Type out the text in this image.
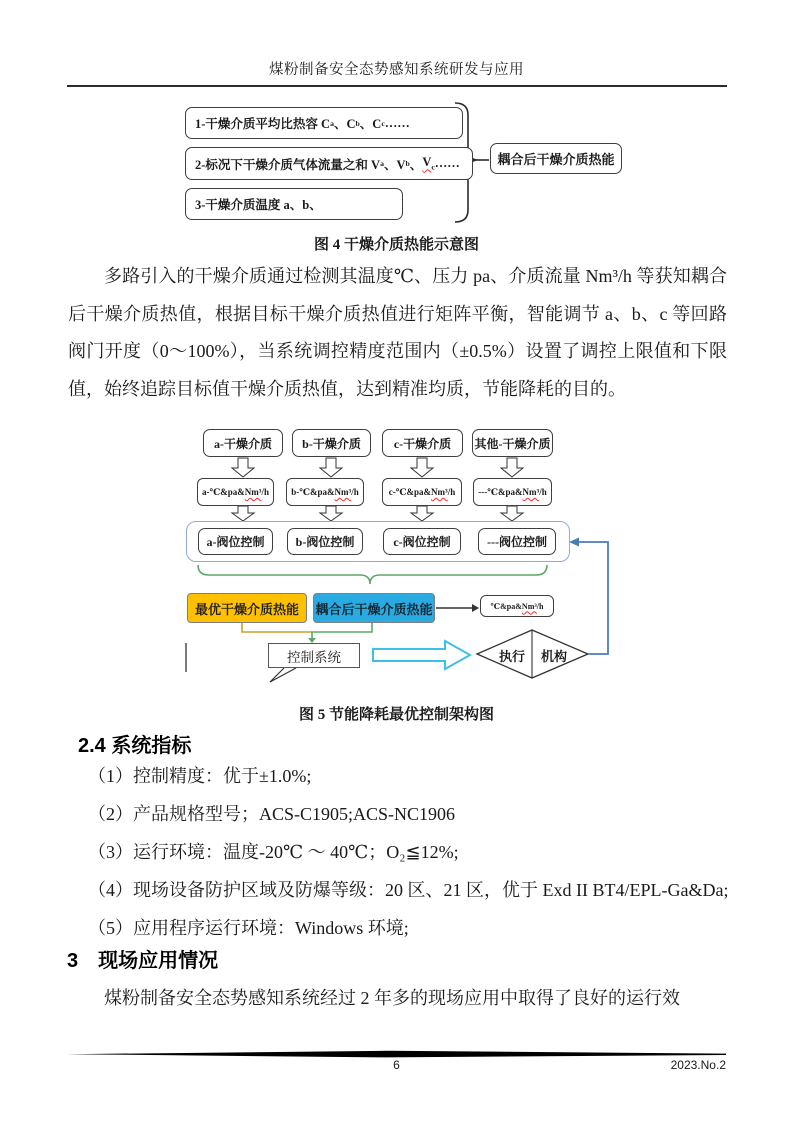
煤粉制备安全态势感知系统研发与应用
1-干燥介质平均比热容 C a 、C b 、C c ……
2-标况下干燥介质气体流量之和 V a 、V b 、 $V_c$ ……
3-干燥介质温度 a、b、
耦合后干燥介质热能
图 4 干燥介质热能示意图
多路引入的干燥介质通过检测其温度℃、压力 pa、介质流量 Nm³/h 等获知耦合后干燥介质热值，根据目标干燥介质热值进行矩阵平衡，智能调节 a、b、c 等回路阀门开度（0～100%），当系统调控精度范围内（±0.5%）设置了调控上限值和下限值，始终追踪目标值干燥介质热值，达到精准均质，节能降耗的目的。
a-干燥介质	b-干燥介质	c-干燥介质	其他-干燥介质
a-℃&pa& Nm³ /h b-℃&pa& Nm³ /h	c-℃&pa& Nm³ /h	---℃&pa& Nm³ /h
a-阀位控制	b-阀位控制	c-阀位控制	---阀位控制
最优干燥介质热能	耦合后干燥介质热能	℃&pa& Nm³ /h
控制系统	执行 机构
图 5 节能降耗最优控制架构图
2.4 系统指标
（1）控制精度：优于±1.0%;
（2）产品规格型号；ACS-C1905;ACS-NC1906
（3）运行环境：温度-20℃ ～ 40℃；O₂≦12%;
（4）现场设备防护区域及防爆等级：20 区、21 区，优于 Exd II BT4/EPL-Ga&Da;
（5）应用程序运行环境：Windows 环境;
3　现场应用情况
煤粉制备安全态势感知系统经过 2 年多的现场应用中取得了良好的运行效
6	2023.No.2
